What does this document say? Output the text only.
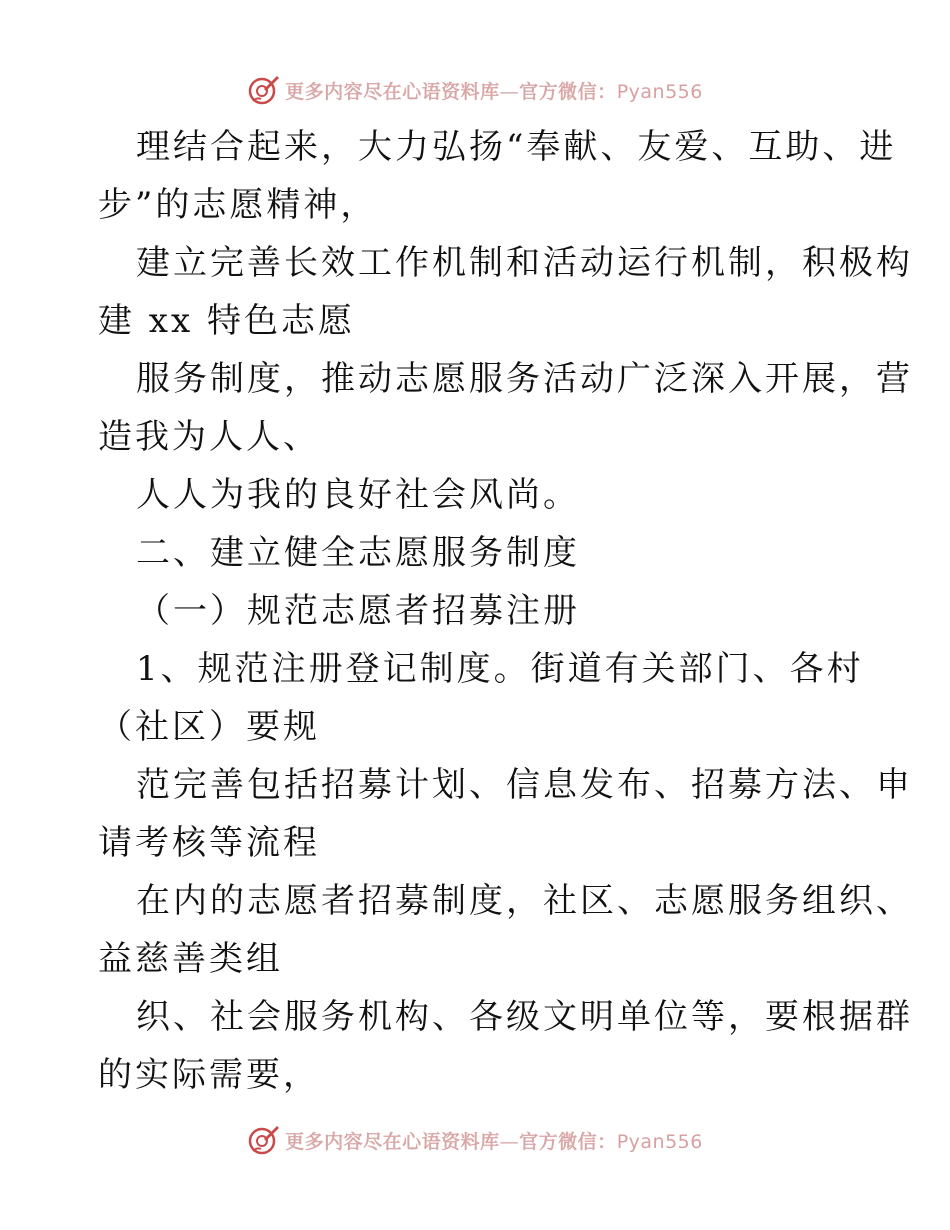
更多内容尽在心语资料库—官方微信：Pyan556

理结合起来，大力弘扬“奉献、友爱、互助、进
步”的志愿精神，

建立完善长效工作机制和活动运行机制，积极构
建 xx 特色志愿

服务制度，推动志愿服务活动广泛深入开展，营
造我为人人、

人人为我的良好社会风尚。

二、建立健全志愿服务制度

（一）规范志愿者招募注册

1、规范注册登记制度。街道有关部门、各村
（社区）要规

范完善包括招募计划、信息发布、招募方法、申
请考核等流程

在内的志愿者招募制度，社区、志愿服务组织、
益慈善类组

织、社会服务机构、各级文明单位等，要根据群
的实际需要，

更多内容尽在心语资料库—官方微信：Pyan556
